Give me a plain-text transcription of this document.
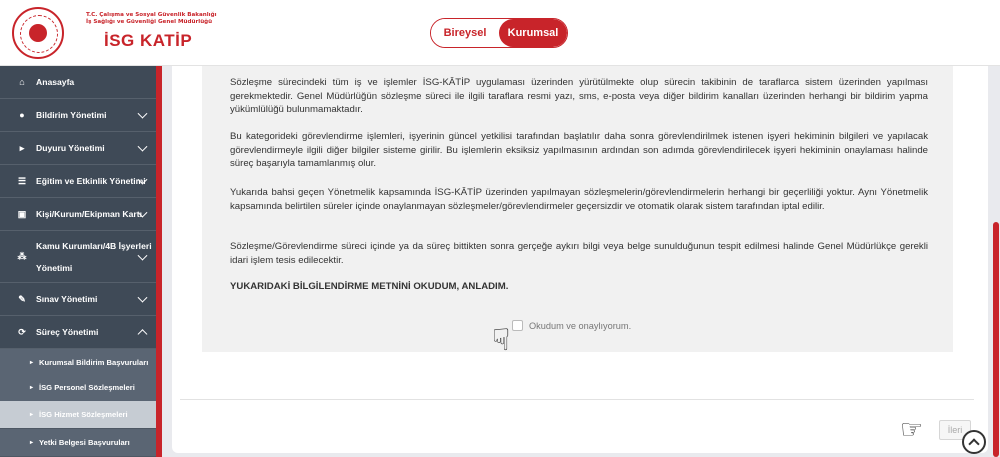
T.C. Çalışma ve Sosyal Güvenlik Bakanlığı
İş Sağlığı ve Güvenliği Genel Müdürlüğü
İSG KATİP	Bireysel	Kurumsal
⌂	Anasayfa
●	Bildirim Yönetimi
▸	Duyuru Yönetimi
☰ Eğitim ve Etkinlik Yönetimi
▣ Kişi/Kurum/Ekipman Kartı
⁂
Kamu Kurumları/4B İşyerleri
Yönetimi
✎ Sınav Yönetimi
⟳ Süreç Yönetimi
▸ Kurumsal Bildirim Başvuruları
▸ İSG Personel Sözleşmeleri
▸ İSG Hizmet Sözleşmeleri
▸ Yetki Belgesi Başvuruları

Sözleşme sürecindeki tüm iş ve işlemler İSG-KÂTİP uygulaması üzerinden yürütülmekte olup sürecin takibinin de taraflarca sistem üzerinden yapılması gerekmektedir. Genel Müdürlüğün sözleşme süreci ile ilgili taraflara resmi yazı, sms, e-posta veya diğer bildirim kanalları üzerinden herhangi bir bildirim yapma yükümlülüğü bulunmamaktadır.

Bu kategorideki görevlendirme işlemleri, işyerinin güncel yetkilisi tarafından başlatılır daha sonra görevlendirilmek istenen işyeri hekiminin bilgileri ve yapılacak görevlendirmeyle ilgili diğer bilgiler sisteme girilir. Bu işlemlerin eksiksiz yapılmasının ardından son adımda görevlendirilecek işyeri hekiminin onaylaması halinde süreç başarıyla tamamlanmış olur.

Yukarıda bahsi geçen Yönetmelik kapsamında İSG-KÂTİP üzerinden yapılmayan sözleşmelerin/görevlendirmelerin herhangi bir geçerliliği yoktur. Aynı Yönetmelik kapsamında belirtilen süreler içinde onaylanmayan sözleşmeler/görevlendirmeler geçersizdir ve otomatik olarak sistem tarafından iptal edilir.

Sözleşme/Görevlendirme süreci içinde ya da süreç bittikten sonra gerçeğe aykırı bilgi veya belge sunulduğunun tespit edilmesi halinde Genel Müdürlükçe gerekli idari işlem tesis edilecektir.

YUKARIDAKİ BİLGİLENDİRME METNİNİ OKUDUM, ANLADIM.

Okudum ve onaylıyorum.
☟
☞	İleri
